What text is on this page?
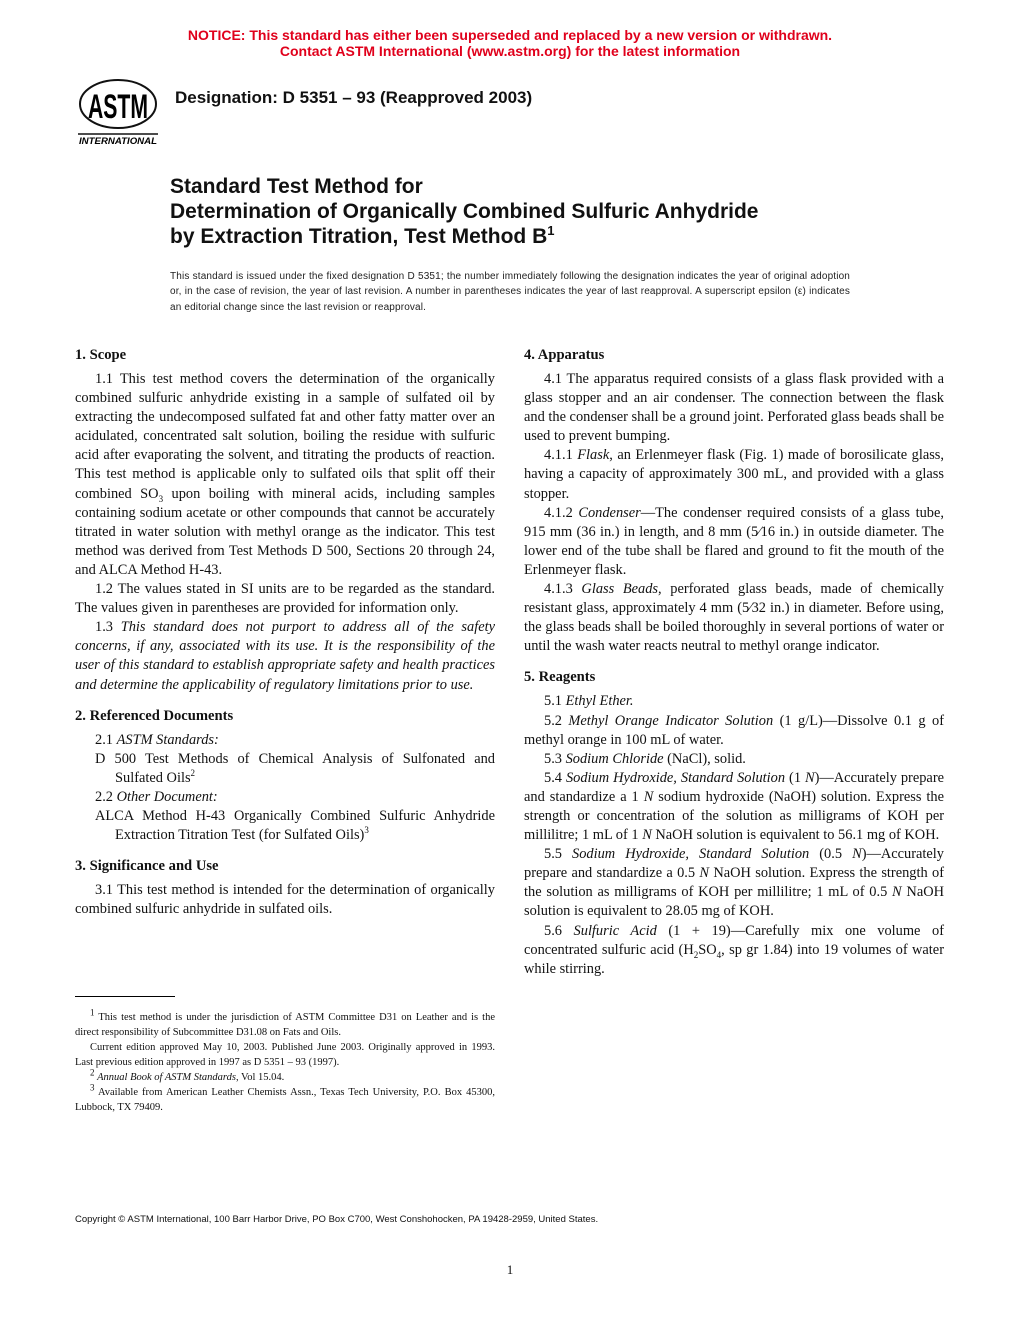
NOTICE: This standard has either been superseded and replaced by a new version or withdrawn.
Contact ASTM International (www.astm.org) for the latest information
ASTM
INTERNATIONAL
Designation: D 5351 – 93 (Reapproved 2003)
Standard Test Method for
Determination of Organically Combined Sulfuric Anhydride
by Extraction Titration, Test Method $B^1$
This standard is issued under the fixed designation D 5351; the number immediately following the designation indicates the year of original adoption or, in the case of revision, the year of last revision. A number in parentheses indicates the year of last reapproval. A superscript epsilon (ε) indicates an editorial change since the last revision or reapproval.
1. Scope

1.1 This test method covers the determination of the organically combined sulfuric anhydride existing in a sample of sulfated oil by extracting the undecomposed sulfated fat and other fatty matter over an acidulated, concentrated salt solution, boiling the residue with sulfuric acid after evaporating the solvent, and titrating the products of reaction. This test method is applicable only to sulfated oils that split off their combined $SO_3$ upon boiling with mineral acids, including samples containing sodium acetate or other compounds that cannot be accurately titrated in water solution with methyl orange as the indicator. This test method was derived from Test Methods D 500, Sections 20 through 24, and ALCA Method H-43.

1.2 The values stated in SI units are to be regarded as the standard. The values given in parentheses are provided for information only.

1.3 This standard does not purport to address all of the safety concerns, if any, associated with its use. It is the responsibility of the user of this standard to establish appropriate safety and health practices and determine the applicability of regulatory limitations prior to use.

2. Referenced Documents

2.1 ASTM Standards:

D 500 Test Methods of Chemical Analysis of Sulfonated and Sulfated Oils$^2$

2.2 Other Document:

ALCA Method H-43 Organically Combined Sulfuric Anhydride Extraction Titration Test (for Sulfated Oils)$^3$

3. Significance and Use

3.1 This test method is intended for the determination of organically combined sulfuric anhydride in sulfated oils.

4. Apparatus

4.1 The apparatus required consists of a glass flask provided with a glass stopper and an air condenser. The connection between the flask and the condenser shall be a ground joint. Perforated glass beads shall be used to prevent bumping.

4.1.1 Flask, an Erlenmeyer flask (Fig. 1) made of borosilicate glass, having a capacity of approximately 300 mL, and provided with a glass stopper.

4.1.2 Condenser—The condenser required consists of a glass tube, 915 mm (36 in.) in length, and 8 mm (5⁄16 in.) in outside diameter. The lower end of the tube shall be flared and ground to fit the mouth of the Erlenmeyer flask.

4.1.3 Glass Beads, perforated glass beads, made of chemically resistant glass, approximately 4 mm (5⁄32 in.) in diameter. Before using, the glass beads shall be boiled thoroughly in several portions of water or until the wash water reacts neutral to methyl orange indicator.

5. Reagents

5.1 Ethyl Ether.

5.2 Methyl Orange Indicator Solution (1 g/L)—Dissolve 0.1 g of methyl orange in 100 mL of water.

5.3 Sodium Chloride (NaCl), solid.

5.4 Sodium Hydroxide, Standard Solution (1 N)—Accurately prepare and standardize a 1 N sodium hydroxide (NaOH) solution. Express the strength or concentration of the solution as milligrams of KOH per millilitre; 1 mL of 1 N NaOH solution is equivalent to 56.1 mg of KOH.

5.5 Sodium Hydroxide, Standard Solution (0.5 N)—Accurately prepare and standardize a 0.5 N NaOH solution. Express the strength of the solution as milligrams of KOH per millilitre; 1 mL of 0.5 N NaOH solution is equivalent to 28.05 mg of KOH.

5.6 Sulfuric Acid (1 + 19)—Carefully mix one volume of concentrated sulfuric acid ($H_2SO_4$, sp gr 1.84) into 19 volumes of water while stirring.

$^1$ This test method is under the jurisdiction of ASTM Committee D31 on Leather and is the direct responsibility of Subcommittee D31.08 on Fats and Oils.

Current edition approved May 10, 2003. Published June 2003. Originally approved in 1993. Last previous edition approved in 1997 as D 5351 – 93 (1997).

$^2$ Annual Book of ASTM Standards, Vol 15.04.

$^3$ Available from American Leather Chemists Assn., Texas Tech University, P.O. Box 45300, Lubbock, TX 79409.

Copyright © ASTM International, 100 Barr Harbor Drive, PO Box C700, West Conshohocken, PA 19428-2959, United States.
1
